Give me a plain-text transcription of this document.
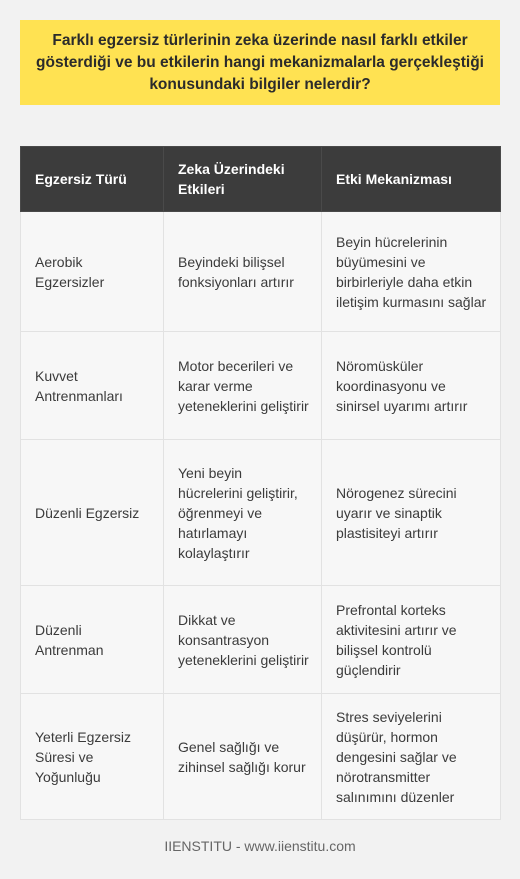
Farklı egzersiz türlerinin zeka üzerinde nasıl farklı etkiler gösterdiği ve bu etkilerin hangi mekanizmalarla gerçekleştiği konusundaki bilgiler nelerdir?

Egzersiz Türü	Zeka Üzerindeki Etkileri	Etki Mekanizması
Aerobik Egzersizler	Beyindeki bilişsel fonksiyonları artırır	Beyin hücrelerinin büyümesini ve birbirleriyle daha etkin iletişim kurmasını sağlar
Kuvvet Antrenmanları	Motor becerileri ve karar verme yeteneklerini geliştirir	Nöromüsküler koordinasyonu ve sinirsel uyarımı artırır
Düzenli Egzersiz	Yeni beyin hücrelerini geliştirir, öğrenmeyi ve hatırlamayı kolaylaştırır	Nörogenez sürecini uyarır ve sinaptik plastisiteyi artırır
Düzenli Antrenman	Dikkat ve konsantrasyon yeteneklerini geliştirir	Prefrontal korteks aktivitesini artırır ve bilişsel kontrolü güçlendirir
Yeterli Egzersiz Süresi ve Yoğunluğu	Genel sağlığı ve zihinsel sağlığı korur	Stres seviyelerini düşürür, hormon dengesini sağlar ve nörotransmitter salınımını düzenler
IIENSTITU - www.iienstitu.com
